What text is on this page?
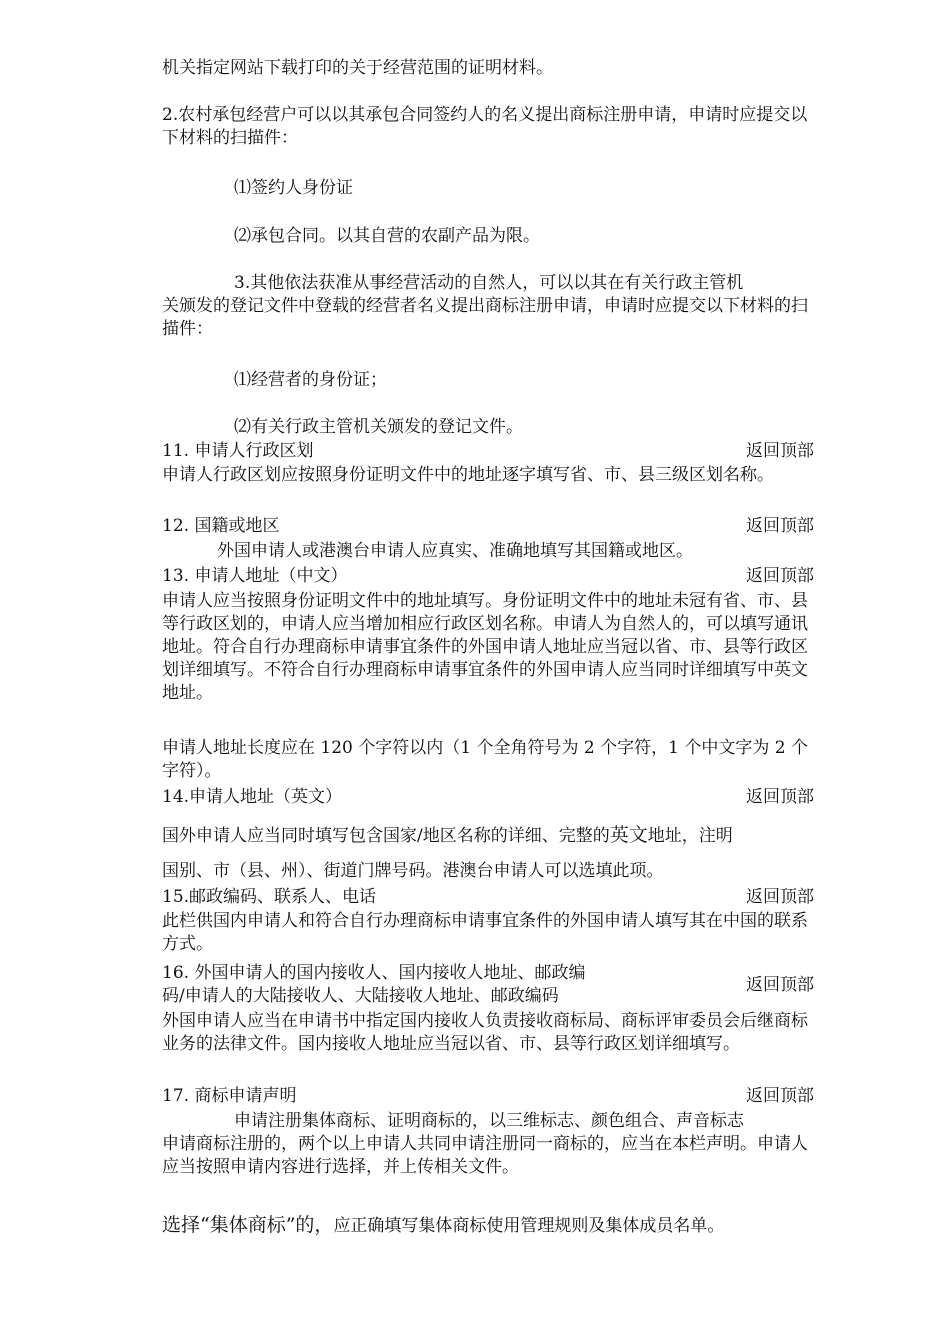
机关指定网站下载打印的关于经营范围的证明材料。

2.农村承包经营户可以以其承包合同签约人的名义提出商标注册申请，申请时应提交以下材料的扫描件：

⑴签约人身份证

⑵承包合同。以其自营的农副产品为限。

3.其他依法获准从事经营活动的自然人，可以以其在有关行政主管机

关颁发的登记文件中登载的经营者名义提出商标注册申请，申请时应提交以下材料的扫描件：

⑴经营者的身份证；

⑵有关行政主管机关颁发的登记文件。

11. 申请人行政区划	返回顶部

申请人行政区划应按照身份证明文件中的地址逐字填写省、市、县三级区划名称。

12. 国籍或地区	返回顶部

外国申请人或港澳台申请人应真实、准确地填写其国籍或地区。

13. 申请人地址（中文）	返回顶部

申请人应当按照身份证明文件中的地址填写。身份证明文件中的地址未冠有省、市、县等行政区划的，申请人应当增加相应行政区划名称。申请人为自然人的，可以填写通讯地址。符合自行办理商标申请事宜条件的外国申请人地址应当冠以省、市、县等行政区划详细填写。不符合自行办理商标申请事宜条件的外国申请人应当同时详细填写中英文地址。

申请人地址长度应在 120 个字符以内（1 个全角符号为 2 个字符，1 个中文字为 2 个字符）。

14.申请人地址（英文）	返回顶部

国外申请人应当同时填写包含国家/地区名称的详细、完整的英文地址，注明

国别、市（县、州）、街道门牌号码。港澳台申请人可以选填此项。

15.邮政编码、联系人、电话	返回顶部

此栏供国内申请人和符合自行办理商标申请事宜条件的外国申请人填写其在中国的联系方式。

16. 外国申请人的国内接收人、国内接收人地址、邮政编
码/申请人的大陆接收人、大陆接收人地址、邮政编码
返回顶部

外国申请人应当在申请书中指定国内接收人负责接收商标局、商标评审委员会后继商标业务的法律文件。国内接收人地址应当冠以省、市、县等行政区划详细填写。

17. 商标申请声明	返回顶部

申请注册集体商标、证明商标的，以三维标志、颜色组合、声音标志

申请商标注册的，两个以上申请人共同申请注册同一商标的，应当在本栏声明。申请人应当按照申请内容进行选择，并上传相关文件。

选择“集体商标”的，应正确填写集体商标使用管理规则及集体成员名单。
